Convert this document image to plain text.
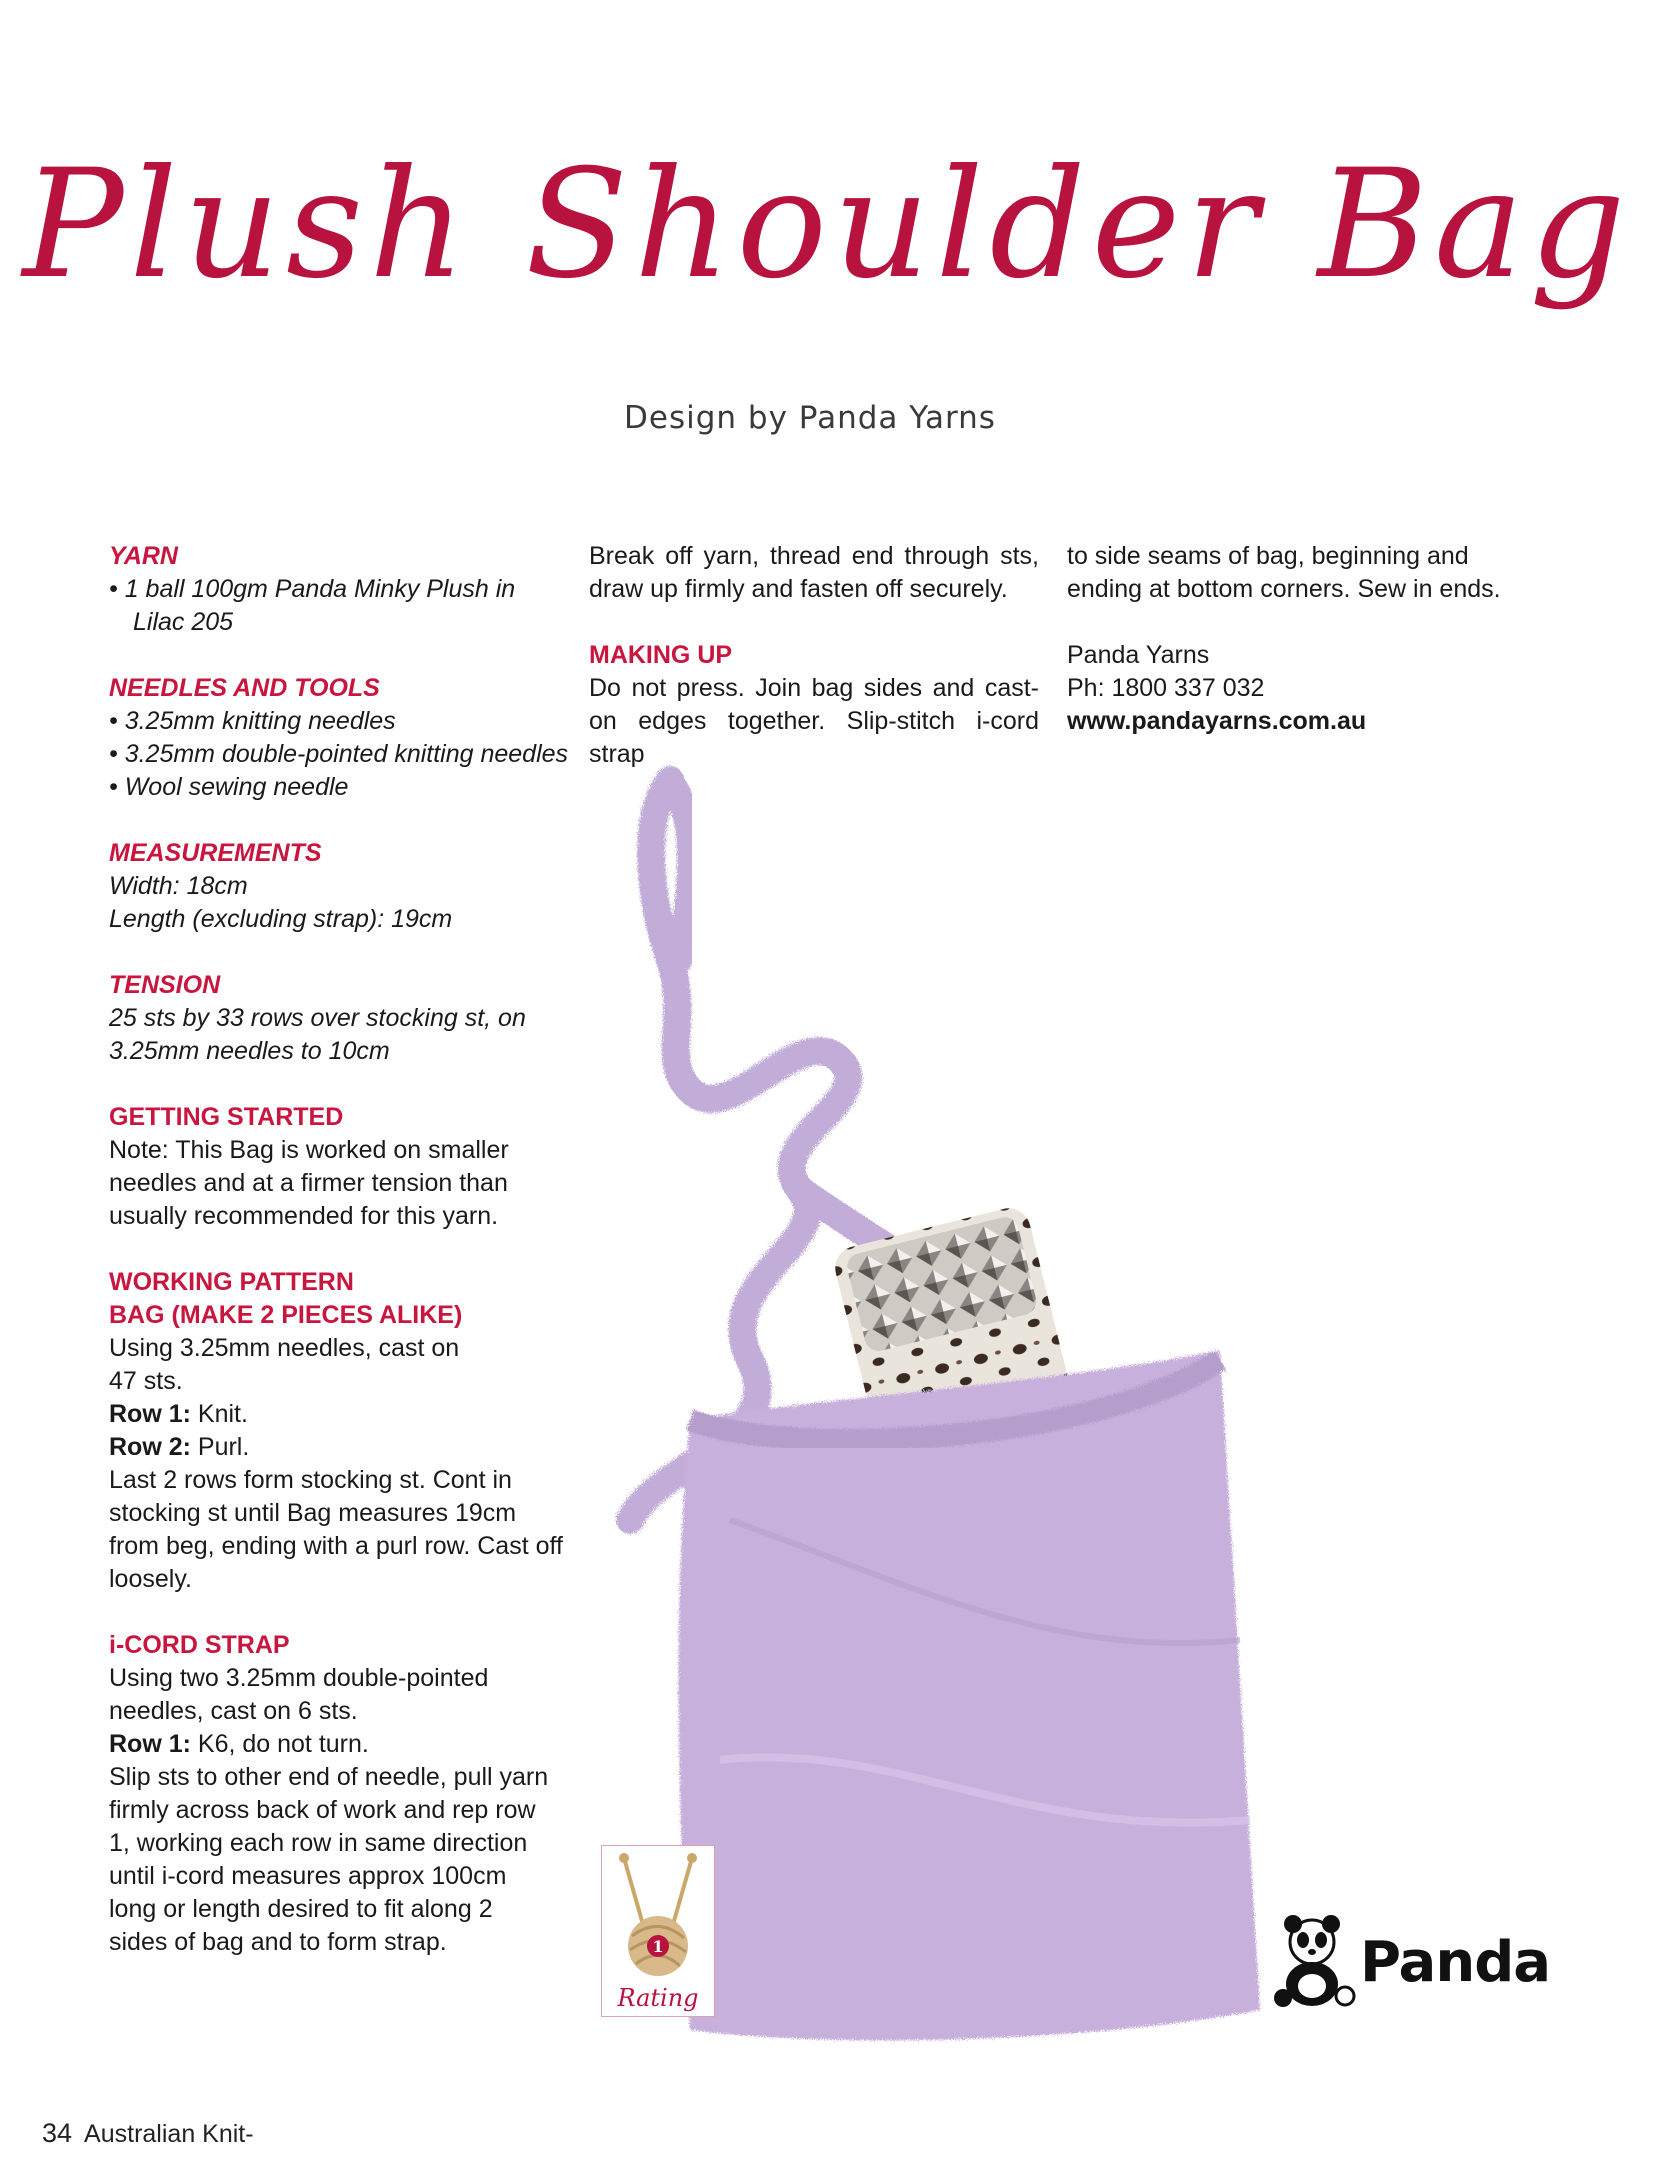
Plush Shoulder Bag
Design by Panda Yarns
YARN
• 1 ball 100gm Panda Minky Plush in Lilac 205
NEEDLES AND TOOLS
• 3.25mm knitting needles
• 3.25mm double-pointed knitting needles
• Wool sewing needle
MEASUREMENTS
Width: 18cm
Length (excluding strap): 19cm
TENSION
25 sts by 33 rows over stocking st, on 3.25mm needles to 10cm
GETTING STARTED
Note: This Bag is worked on smaller needles and at a firmer tension than usually recommended for this yarn.
WORKING PATTERN
BAG (MAKE 2 PIECES ALIKE)
Using 3.25mm needles, cast on
47 sts.
Row 1: Knit.
Row 2: Purl.
Last 2 rows form stocking st. Cont in stocking st until Bag measures 19cm from beg, ending with a purl row. Cast off loosely.
i-CORD STRAP
Using two 3.25mm double-pointed needles, cast on 6 sts.
Row 1: K6, do not turn.
Slip sts to other end of needle, pull yarn firmly across back of work and rep row 1, working each row in same direction until i-cord measures approx 100cm long or length desired to fit along 2 sides of bag and to form strap.
Break off yarn, thread end through sts, draw up firmly and fasten off securely.
MAKING UP
Do not press. Join bag sides and cast-on edges together. Slip-stitch i-cord strap
to side seams of bag, beginning and ending at bottom corners. Sew in ends.
Panda Yarns
Ph: 1800 337 032
www.pandayarns.com.au
1
Rating
Panda
34 Australian Knit-
